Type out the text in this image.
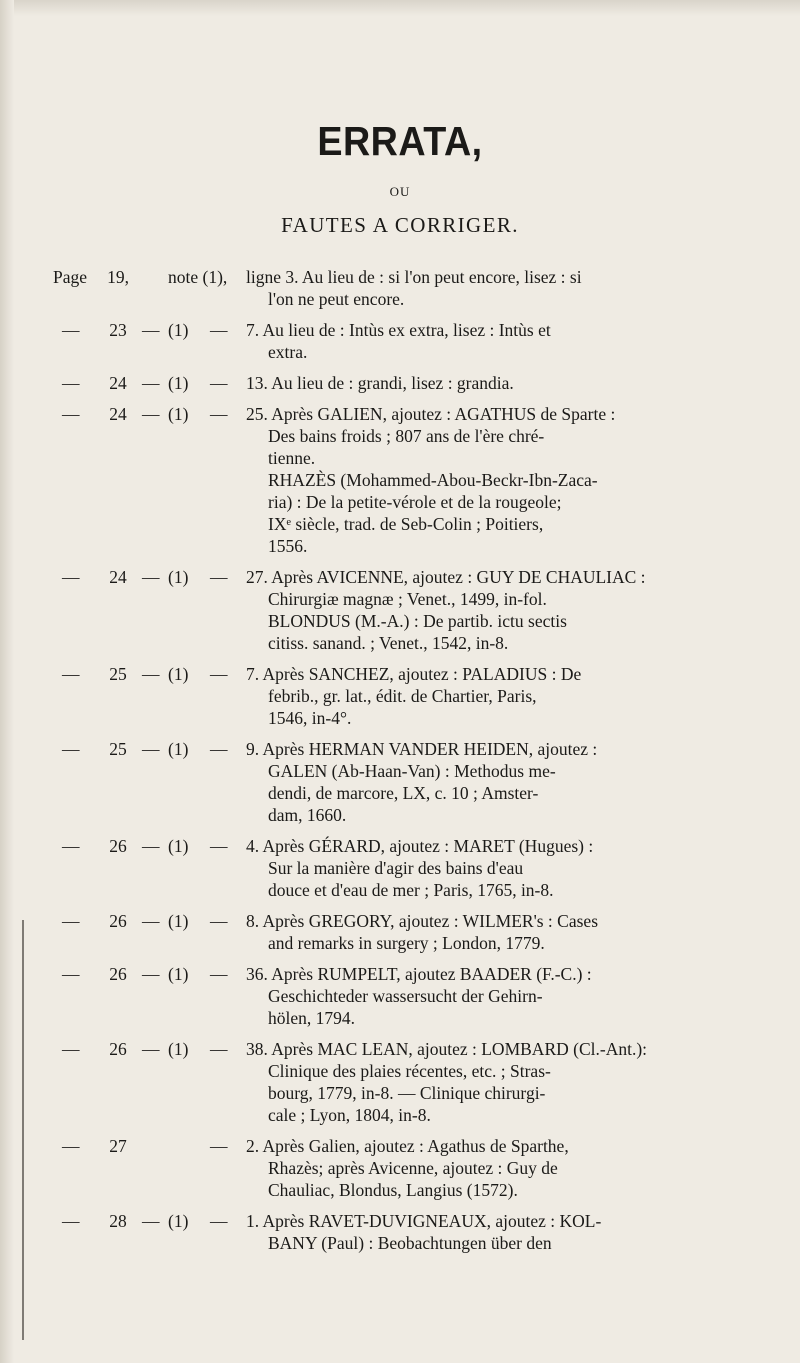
ERRATA,
OU
FAUTES A CORRIGER.
Page	19, note (1), ligne 3. Au lieu de : si l'on peut encore, lisez : si
l'on ne peut encore.
—	23 — (1) — 7. Au lieu de : Intùs ex extra, lisez : Intùs et
extra.
—	24 — (1) — 13. Au lieu de : grandi, lisez : grandia.
—	24 — (1) — 25. Après GALIEN, ajoutez : AGATHUS de Sparte :
Des bains froids ; 807 ans de l'ère chré-
tienne.
RHAZÈS (Mohammed-Abou-Beckr-Ibn-Zaca-
ria) : De la petite-vérole et de la rougeole;
IXᵉ siècle, trad. de Seb-Colin ; Poitiers,
1556.
—	24 — (1) — 27. Après AVICENNE, ajoutez : GUY DE CHAULIAC :
Chirurgiæ magnæ ; Venet., 1499, in-fol.
BLONDUS (M.-A.) : De partib. ictu sectis
citiss. sanand. ; Venet., 1542, in-8.
—	25 — (1) — 7. Après SANCHEZ, ajoutez : PALADIUS : De
febrib., gr. lat., édit. de Chartier, Paris,
1546, in-4°.
—	25 — (1) — 9. Après HERMAN VANDER HEIDEN, ajoutez :
GALEN (Ab-Haan-Van) : Methodus me-
dendi, de marcore, LX, c. 10 ; Amster-
dam, 1660.
—	26 — (1) — 4. Après GÉRARD, ajoutez : MARET (Hugues) :
Sur la manière d'agir des bains d'eau
douce et d'eau de mer ; Paris, 1765, in-8.
—	26 — (1) — 8. Après GREGORY, ajoutez : WILMER's : Cases
and remarks in surgery ; London, 1779.
—	26 — (1) — 36. Après RUMPELT, ajoutez BAADER (F.-C.) :
Geschichteder wassersucht der Gehirn-
hölen, 1794.
—	26 — (1) — 38. Après MAC LEAN, ajoutez : LOMBARD (Cl.-Ant.):
Clinique des plaies récentes, etc. ; Stras-
bourg, 1779, in-8. — Clinique chirurgi-
cale ; Lyon, 1804, in-8.
—	27	— 2. Après Galien, ajoutez : Agathus de Sparthe,
Rhazès; après Avicenne, ajoutez : Guy de
Chauliac, Blondus, Langius (1572).
—	28 — (1) — 1. Après RAVET-DUVIGNEAUX, ajoutez : KOL-
BANY (Paul) : Beobachtungen über den
